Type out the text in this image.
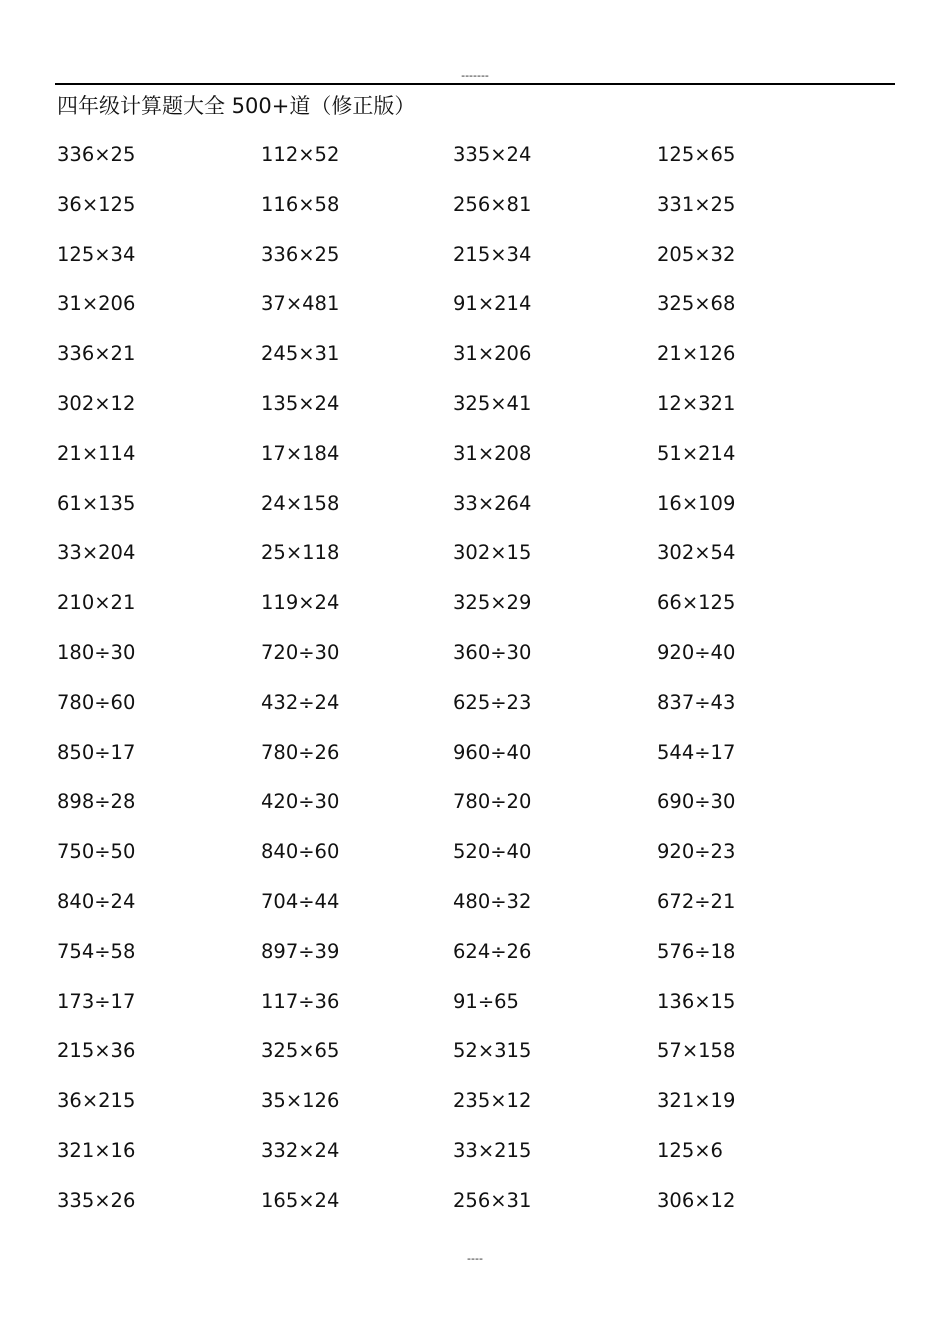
-------
四年级计算题大全 500+道（修正版）
336×25	112×52	335×24	125×65
36×125	116×58	256×81	331×25
125×34	336×25	215×34	205×32
31×206	37×481	91×214	325×68
336×21	245×31	31×206	21×126
302×12	135×24	325×41	12×321
21×114	17×184	31×208	51×214
61×135	24×158	33×264	16×109
33×204	25×118	302×15	302×54
210×21	119×24	325×29	66×125
180÷30	720÷30	360÷30	920÷40
780÷60	432÷24	625÷23	837÷43
850÷17	780÷26	960÷40	544÷17
898÷28	420÷30	780÷20	690÷30
750÷50	840÷60	520÷40	920÷23
840÷24	704÷44	480÷32	672÷21
754÷58	897÷39	624÷26	576÷18
173÷17	117÷36	91÷65	136×15
215×36	325×65	52×315	57×158
36×215	35×126	235×12	321×19
321×16	332×24	33×215	125×6
335×26	165×24	256×31	306×12
----
